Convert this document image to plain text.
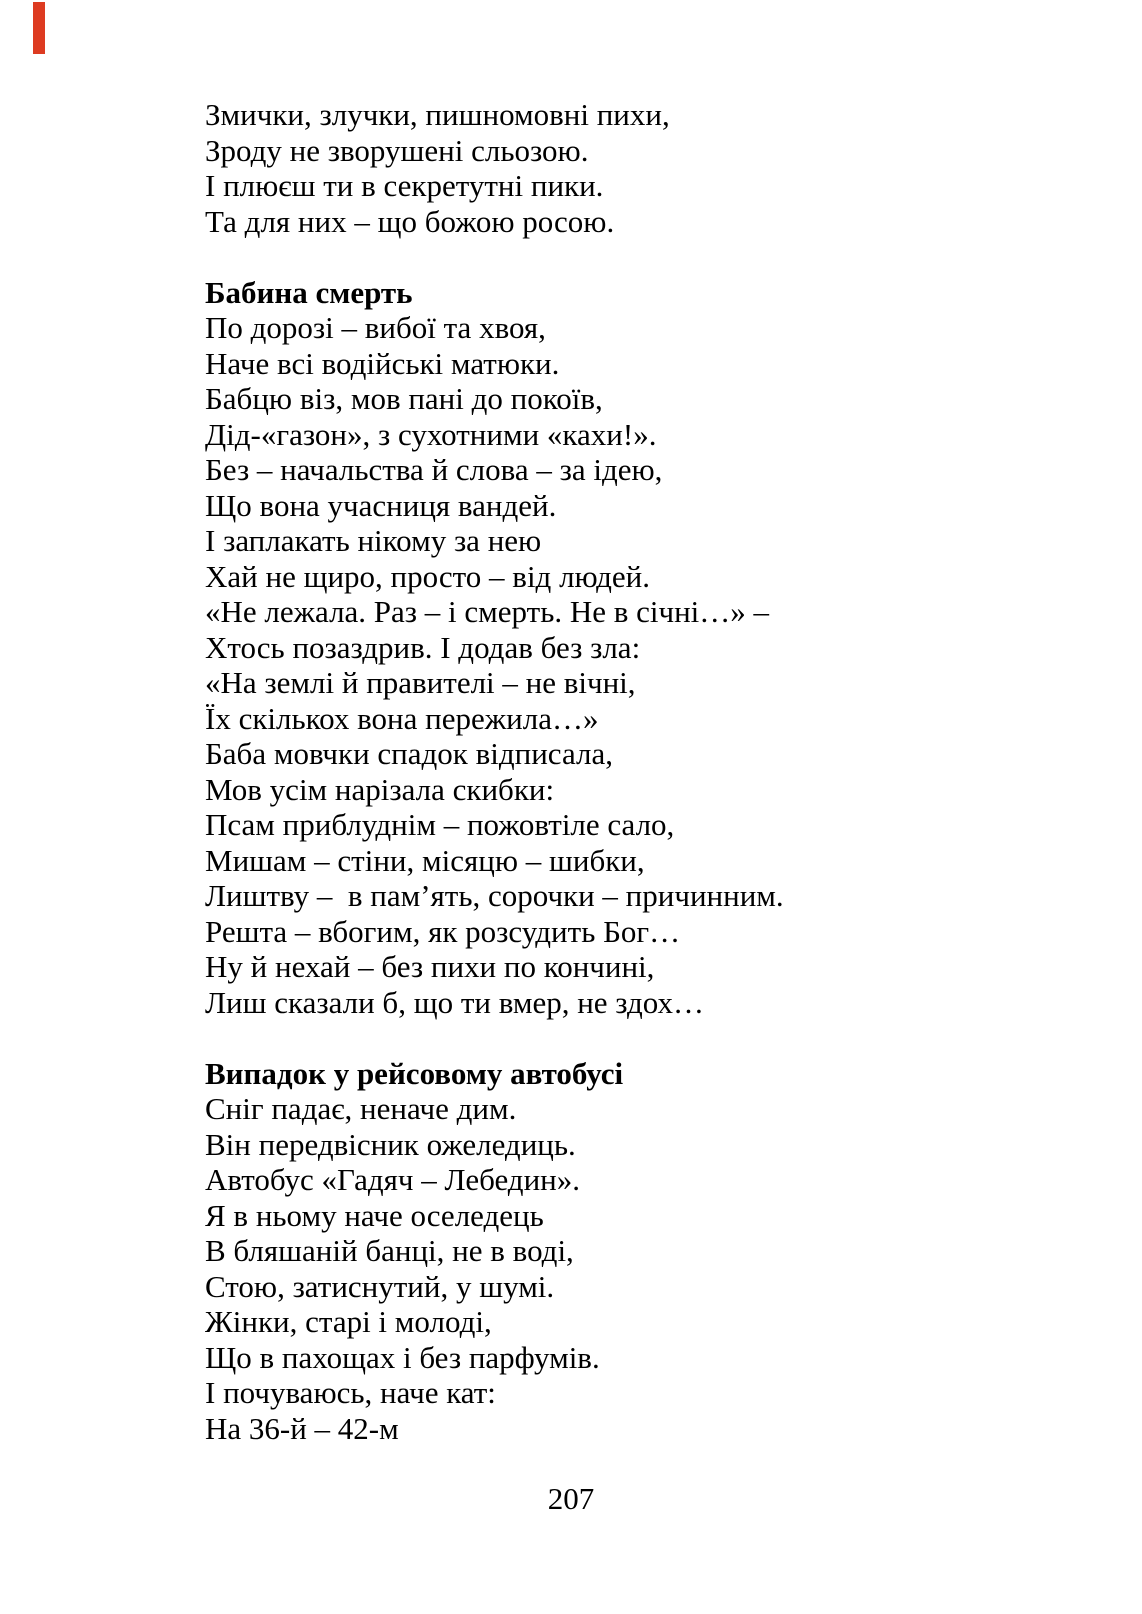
Змички, злучки, пишномовні пихи,
Зроду не зворушені сльозою.
І плюєш ти в секретутні пики.
Та для них – що божою росою.
Бабина смерть
По дорозі – вибої та хвоя,
Наче всі водійські матюки.
Бабцю віз, мов пані до покоїв,
Дід-«газон», з сухотними «кахи!».
Без – начальства й слова – за ідею,
Що вона учасниця вандей.
І заплакать нікому за нею
Хай не щиро, просто – від людей.
«Не лежала. Раз – і смерть. Не в січні…» –
Хтось позаздрив. І додав без зла:
«На землі й правителі – не вічні,
Їх скількох вона пережила…»
Баба мовчки спадок відписала,
Мов усім нарізала скибки:
Псам приблуднім – пожовтіле сало,
Мишам – стіни, місяцю – шибки,
Лиштву –  в пам’ять, сорочки – причинним.
Решта – вбогим, як розсудить Бог…
Ну й нехай – без пихи по кончині,
Лиш сказали б, що ти вмер, не здох…
Випадок у рейсовому автобусі
Сніг падає, неначе дим.
Він передвісник ожеледиць.
Автобус «Гадяч – Лебедин».
Я в ньому наче оселедець
В бляшаній банці, не в воді,
Стою, затиснутий, у шумі.
Жінки, старі і молоді,
Що в пахощах і без парфумів.
І почуваюсь, наче кат:
На 36-й – 42-м
207
